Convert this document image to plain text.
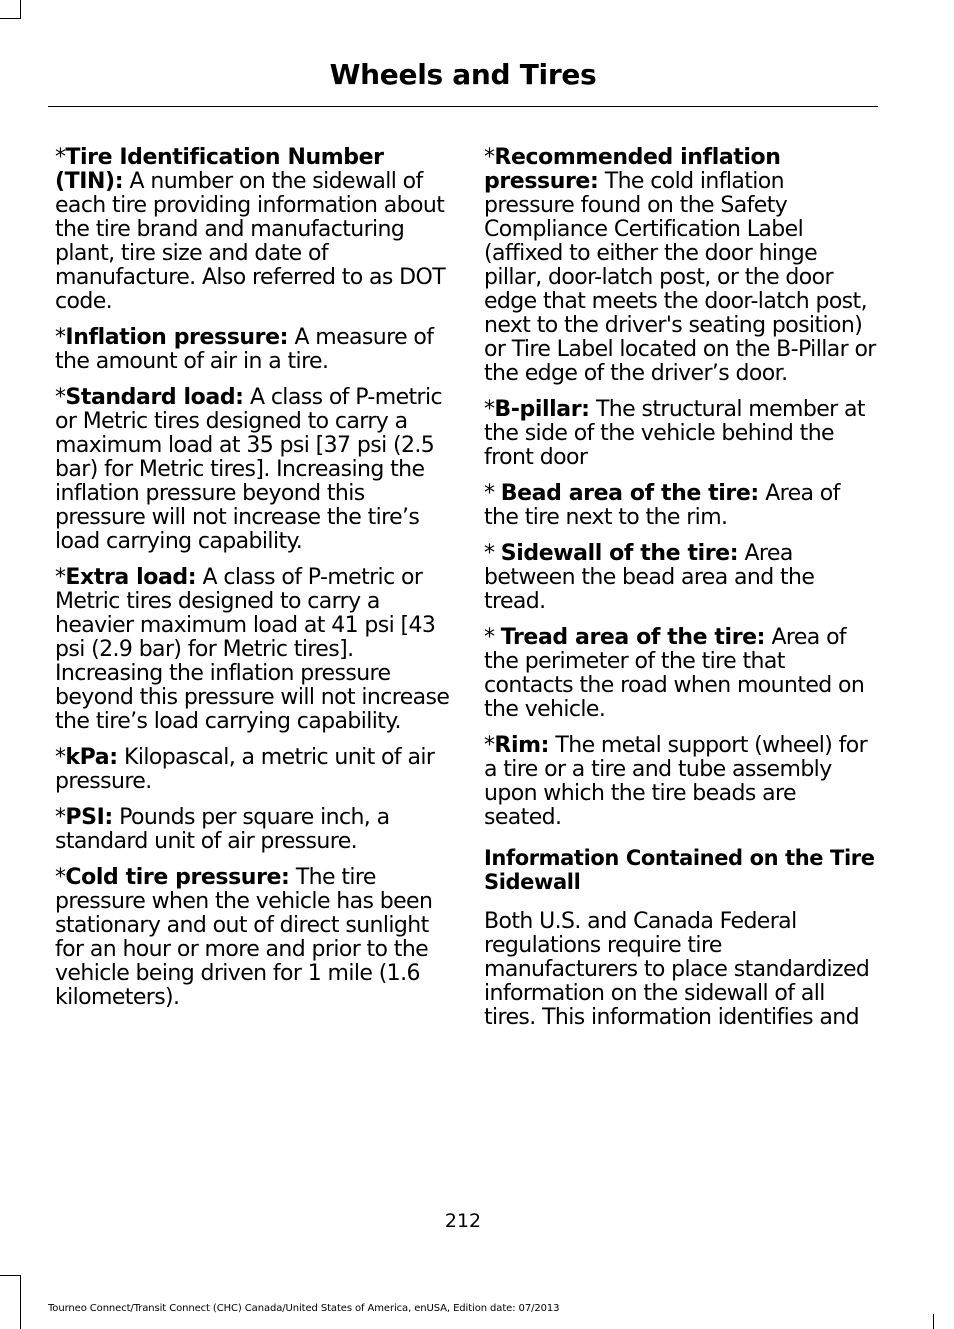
Wheels and Tires

*Tire Identification Number (TIN): A number on the sidewall of each tire providing information about the tire brand and manufacturing plant, tire size and date of manufacture. Also referred to as DOT code.

*Inflation pressure: A measure of the amount of air in a tire.

*Standard load: A class of P-metric or Metric tires designed to carry a maximum load at 35 psi [37 psi (2.5 bar) for Metric tires]. Increasing the inflation pressure beyond this pressure will not increase the tire’s load carrying capability.

*Extra load: A class of P-metric or Metric tires designed to carry a heavier maximum load at 41 psi [43 psi (2.9 bar) for Metric tires]. Increasing the inflation pressure beyond this pressure will not increase the tire’s load carrying capability.

*kPa: Kilopascal, a metric unit of air pressure.

*PSI: Pounds per square inch, a standard unit of air pressure.

*Cold tire pressure: The tire pressure when the vehicle has been stationary and out of direct sunlight for an hour or more and prior to the vehicle being driven for 1 mile (1.6 kilometers).

*Recommended inflation pressure: The cold inflation pressure found on the Safety Compliance Certification Label (affixed to either the door hinge pillar, door-latch post, or the door edge that meets the door-latch post, next to the driver's seating position) or Tire Label located on the B-Pillar or the edge of the driver’s door.

*B-pillar: The structural member at the side of the vehicle behind the front door

* Bead area of the tire: Area of the tire next to the rim.

* Sidewall of the tire: Area between the bead area and the tread.

* Tread area of the tire: Area of the perimeter of the tire that contacts the road when mounted on the vehicle.

*Rim: The metal support (wheel) for a tire or a tire and tube assembly upon which the tire beads are seated.

Information Contained on the Tire Sidewall

Both U.S. and Canada Federal regulations require tire manufacturers to place standardized information on the sidewall of all tires. This information identifies and

212
Tourneo Connect/Transit Connect (CHC) Canada/United States of America, enUSA, Edition date: 07/2013
